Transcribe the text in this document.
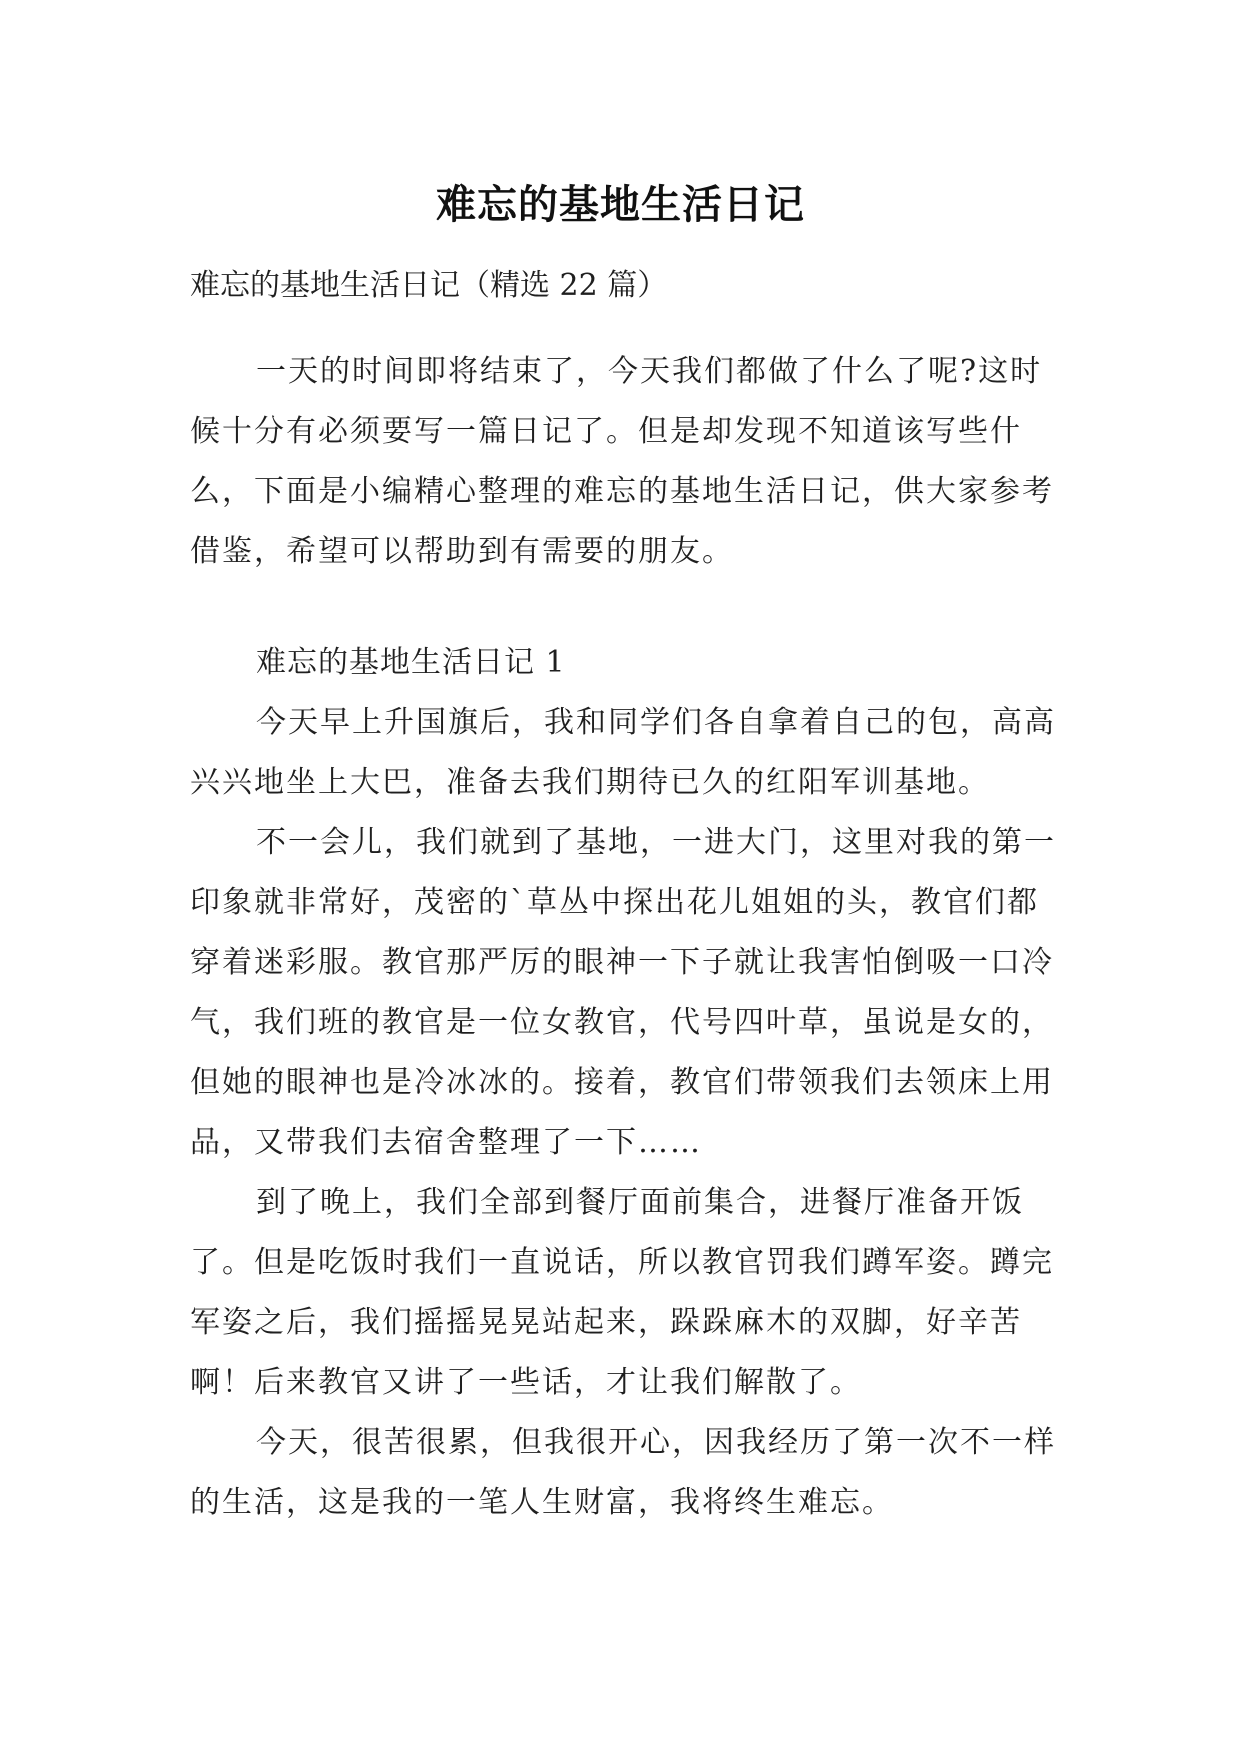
难忘的基地生活日记

难忘的基地生活日记（精选 22 篇）

一天的时间即将结束了，今天我们都做了什么了呢?这时候十分有必须要写一篇日记了。但是却发现不知道该写些什么，下面是小编精心整理的难忘的基地生活日记，供大家参考借鉴，希望可以帮助到有需要的朋友。

难忘的基地生活日记 1

今天早上升国旗后，我和同学们各自拿着自己的包，高高兴兴地坐上大巴，准备去我们期待已久的红阳军训基地。

不一会儿，我们就到了基地，一进大门，这里对我的第一印象就非常好，茂密的`草丛中探出花儿姐姐的头，教官们都穿着迷彩服。教官那严厉的眼神一下子就让我害怕倒吸一口冷气，我们班的教官是一位女教官，代号四叶草，虽说是女的，但她的眼神也是冷冰冰的。接着，教官们带领我们去领床上用品，又带我们去宿舍整理了一下……

到了晚上，我们全部到餐厅面前集合，进餐厅准备开饭了。但是吃饭时我们一直说话，所以教官罚我们蹲军姿。蹲完军姿之后，我们摇摇晃晃站起来，跺跺麻木的双脚，好辛苦啊！后来教官又讲了一些话，才让我们解散了。

今天，很苦很累，但我很开心，因我经历了第一次不一样的生活，这是我的一笔人生财富，我将终生难忘。
